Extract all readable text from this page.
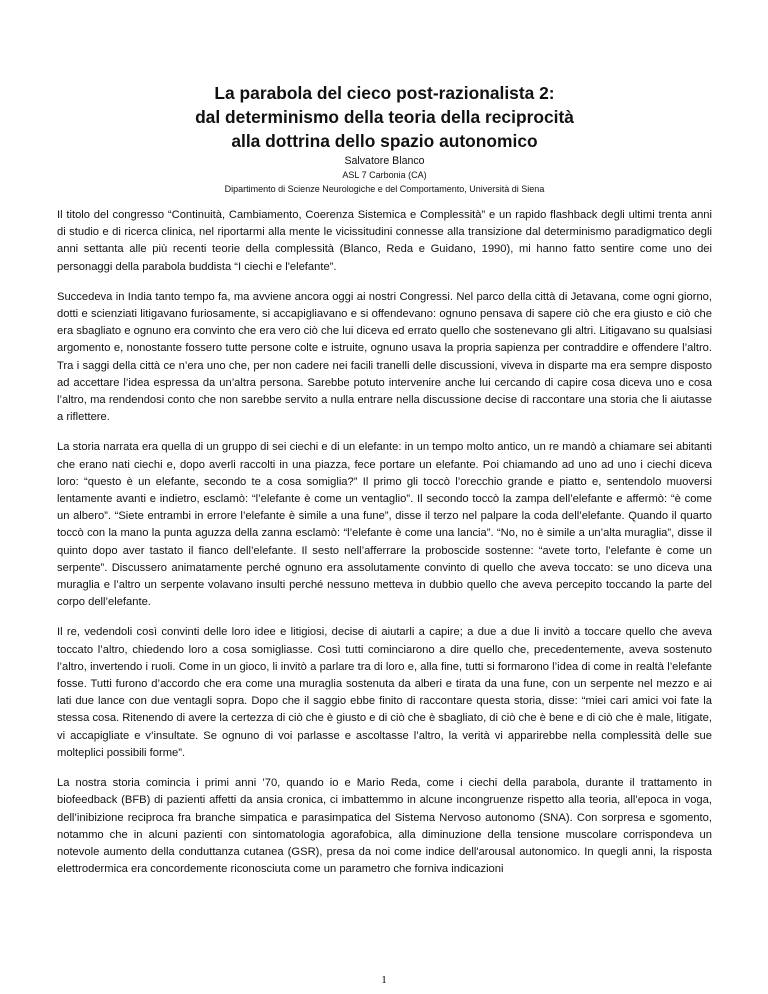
La parabola del cieco post-razionalista 2:
dal determinismo della teoria della reciprocità
alla dottrina dello spazio autonomico
Salvatore Blanco
ASL 7 Carbonia (CA)
Dipartimento di Scienze Neurologiche e del Comportamento, Università di Siena

Il titolo del congresso “Continuità, Cambiamento, Coerenza Sistemica e Complessità” e un rapido flashback degli ultimi trenta anni di studio e di ricerca clinica, nel riportarmi alla mente le vicissitudini connesse alla transizione dal determinismo paradigmatico degli anni settanta alle più recenti teorie della complessità (Blanco, Reda e Guidano, 1990), mi hanno fatto sentire come uno dei personaggi della parabola buddista “I ciechi e l'elefante”.

Succedeva in India tanto tempo fa, ma avviene ancora oggi ai nostri Congressi. Nel parco della città di Jetavana, come ogni giorno, dotti e scienziati litigavano furiosamente, si accapigliavano e si offendevano: ognuno pensava di sapere ciò che era giusto e ciò che era sbagliato e ognuno era convinto che era vero ciò che lui diceva ed errato quello che sostenevano gli altri. Litigavano su qualsiasi argomento e, nonostante fossero tutte persone colte e istruite, ognuno usava la propria sapienza per contraddire e offendere l’altro. Tra i saggi della città ce n’era uno che, per non cadere nei facili tranelli delle discussioni, viveva in disparte ma era sempre disposto ad accettare l’idea espressa da un’altra persona. Sarebbe potuto intervenire anche lui cercando di capire cosa diceva uno e cosa l’altro, ma rendendosi conto che non sarebbe servito a nulla entrare nella discussione decise di raccontare una storia che li aiutasse a riflettere.

La storia narrata era quella di un gruppo di sei ciechi e di un elefante: in un tempo molto antico, un re mandò a chiamare sei abitanti che erano nati ciechi e, dopo averli raccolti in una piazza, fece portare un elefante. Poi chiamando ad uno ad uno i ciechi diceva loro: “questo è un elefante, secondo te a cosa somiglia?” Il primo gli toccò l’orecchio grande e piatto e, sentendolo muoversi lentamente avanti e indietro, esclamò: “l’elefante è come un ventaglio”. Il secondo toccò la zampa dell’elefante e affermò: “è come un albero”. “Siete entrambi in errore l’elefante è simile a una fune”, disse il terzo nel palpare la coda dell’elefante. Quando il quarto toccò con la mano la punta aguzza della zanna esclamò: “l’elefante è come una lancia”. “No, no è simile a un’alta muraglia”, disse il quinto dopo aver tastato il fianco dell’elefante. Il sesto nell’afferrare la proboscide sostenne: “avete torto, l’elefante è come un serpente”. Discussero animatamente perché ognuno era assolutamente convinto di quello che aveva toccato: se uno diceva una muraglia e l’altro un serpente volavano insulti perché nessuno metteva in dubbio quello che aveva percepito toccando la parte del corpo dell’elefante.

Il re, vedendoli così convinti delle loro idee e litigiosi, decise di aiutarli a capire; a due a due li invitò a toccare quello che aveva toccato l’altro, chiedendo loro a cosa somigliasse. Così tutti cominciarono a dire quello che, precedentemente, aveva sostenuto l’altro, invertendo i ruoli. Come in un gioco, li invitò a parlare tra di loro e, alla fine, tutti si formarono l’idea di come in realtà l’elefante fosse. Tutti furono d’accordo che era come una muraglia sostenuta da alberi e tirata da una fune, con un serpente nel mezzo e ai lati due lance con due ventagli sopra. Dopo che il saggio ebbe finito di raccontare questa storia, disse: “miei cari amici voi fate la stessa cosa. Ritenendo di avere la certezza di ciò che è giusto e di ciò che è sbagliato, di ciò che è bene e di ciò che è male, litigate, vi accapigliate e v’insultate. Se ognuno di voi parlasse e ascoltasse l’altro, la verità vi apparirebbe nella complessità delle sue molteplici possibili forme”.

La nostra storia comincia i primi anni ’70, quando io e Mario Reda, come i ciechi della parabola, durante il trattamento in biofeedback (BFB) di pazienti affetti da ansia cronica, ci imbattemmo in alcune incongruenze rispetto alla teoria, all’epoca in voga, dell’inibizione reciproca fra branche simpatica e parasimpatica del Sistema Nervoso autonomo (SNA). Con sorpresa e sgomento, notammo che in alcuni pazienti con sintomatologia agorafobica, alla diminuzione della tensione muscolare corrispondeva un notevole aumento della conduttanza cutanea (GSR), presa da noi come indice dell'arousal autonomico. In quegli anni, la risposta elettrodermica era concordemente riconosciuta come un parametro che forniva indicazioni

1
